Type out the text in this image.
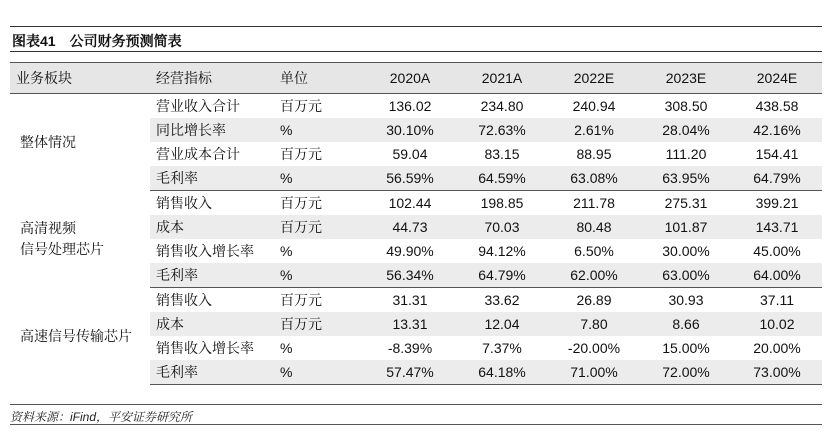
图表41　公司财务预测简表
业务板块	经营指标	单位	2020A	2021A	2022E	2023E	2024E

整体情况	营业收入合计	百万元	136.02	234.80	240.94	308.50	438.58
	同比增长率	%	30.10%	72.63%	2.61%	28.04%	42.16%
	营业成本合计	百万元	59.04	83.15	88.95	111.20	154.41
	毛利率	%	56.59%	64.59%	63.08%	63.95%	64.79%

高清视频
信号处理芯片	销售收入	百万元	102.44	198.85	211.78	275.31	399.21
	成本	百万元	44.73	70.03	80.48	101.87	143.71
	销售收入增长率	%	49.90%	94.12%	6.50%	30.00%	45.00%
	毛利率	%	56.34%	64.79%	62.00%	63.00%	64.00%

高速信号传输芯片	销售收入	百万元	31.31	33.62	26.89	30.93	37.11
	成本	百万元	13.31	12.04	7.80	8.66	10.02
	销售收入增长率	%	-8.39%	7.37%	-20.00%	15.00%	20.00%
	毛利率	%	57.47%	64.18%	71.00%	72.00%	73.00%
资料来源：iFind，平安证券研究所
